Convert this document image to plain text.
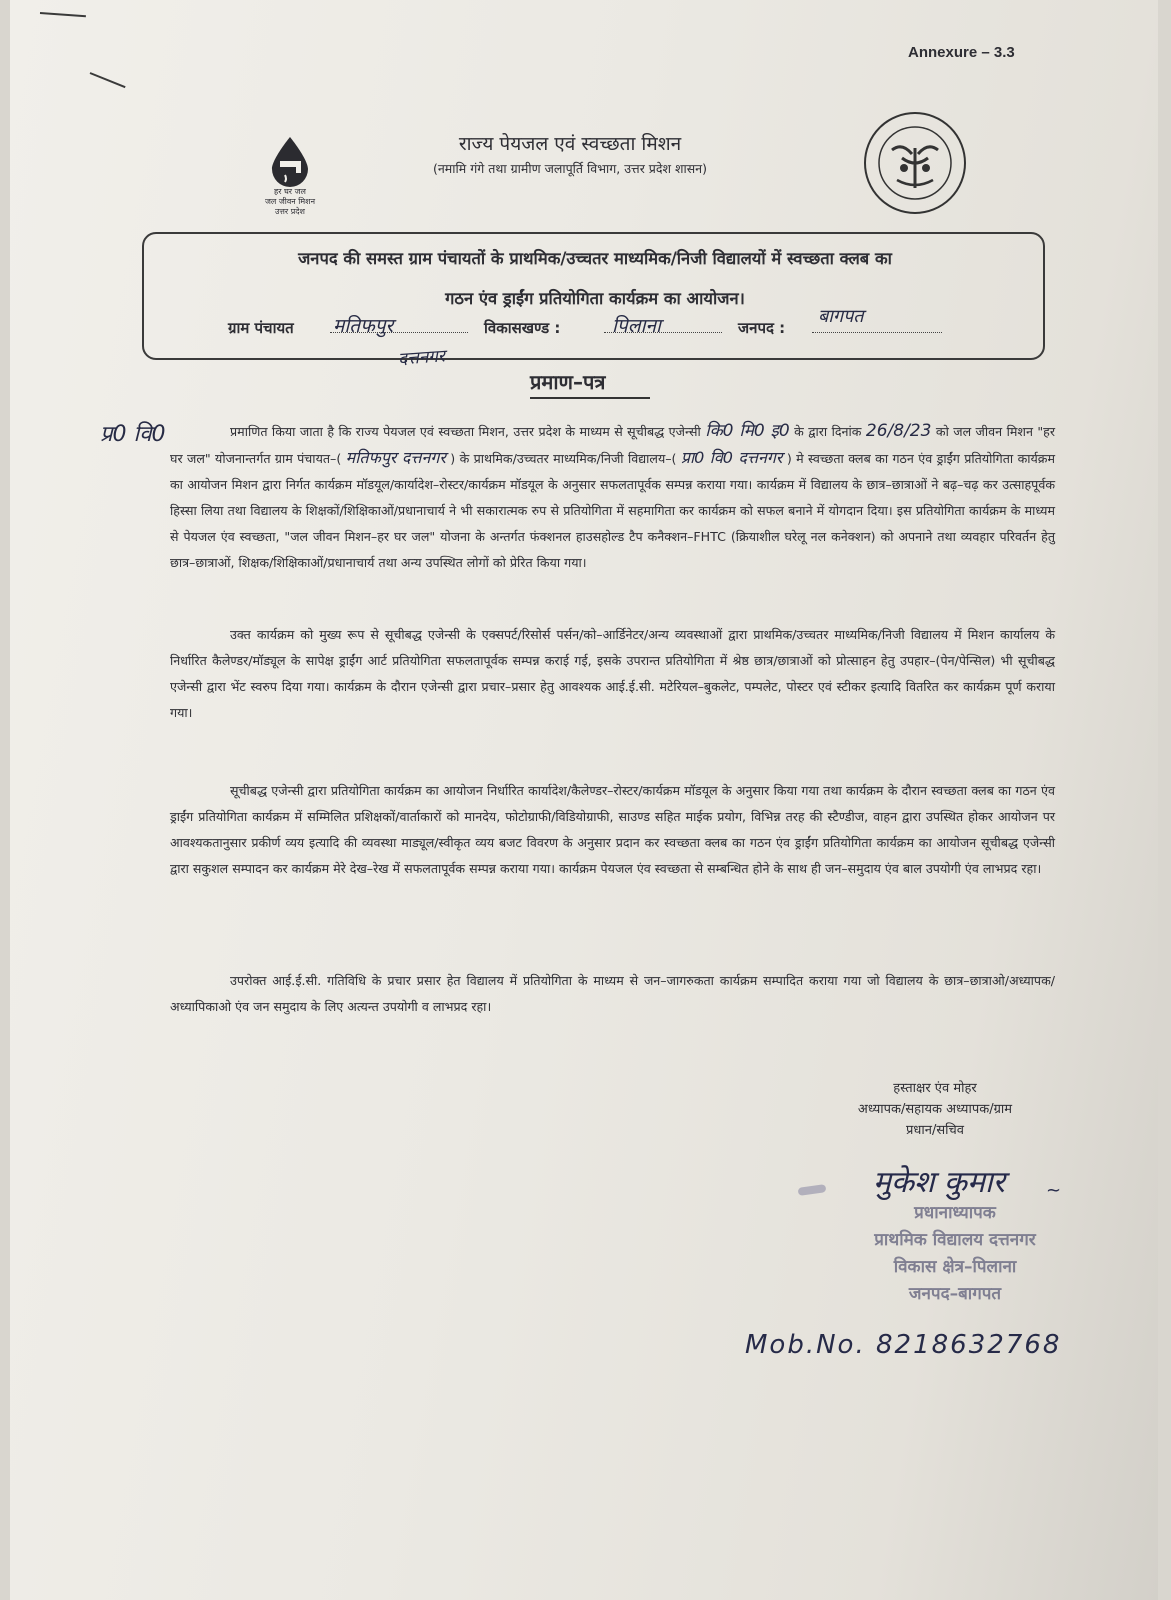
Annexure – 3.3
हर घर जल
जल जीवन मिशन
उत्तर प्रदेश
राज्य पेयजल एवं स्वच्छता मिशन
(नमामि गंगे तथा ग्रामीण जलापूर्ति विभाग, उत्तर प्रदेश शासन)
जनपद की समस्त ग्राम पंचायतों के प्राथमिक/उच्चतर माध्यमिक/निजी विद्यालयों में स्वच्छता क्लब का
गठन एंव ड्राईंग प्रतियोगिता कार्यक्रम का आयोजन।
ग्राम पंचायत मतिफपुर
दत्तनगर
विकासखण्ड :	पिलाना	जनपद :
बागपत
प्रमाण–पत्र
प्र0 वि0	प्रमाणित किया जाता है कि राज्य पेयजल एवं स्वच्छता मिशन, उत्तर प्रदेश के माध्यम से सूचीबद्ध एजेन्सी कि0 मि0 इ0 के द्वारा दिनांक 26/8/23 को जल जीवन मिशन "हर घर जल" योजनान्तर्गत ग्राम पंचायत–( मतिफपुर दत्तनगर ) के प्राथमिक/उच्चतर माध्यमिक/निजी विद्यालय–( प्रा0 वि0 दत्तनगर ) मे स्वच्छता क्लब का गठन एंव ड्राईंग प्रतियोगिता कार्यक्रम का आयोजन मिशन द्वारा निर्गत कार्यक्रम मॉडयूल/कार्यादेश–रोस्टर/कार्यक्रम मॉडयूल के अनुसार सफलतापूर्वक सम्पन्न कराया गया। कार्यक्रम में विद्यालय के छात्र–छात्राओं ने बढ़–चढ़ कर उत्साहपूर्वक हिस्सा लिया तथा विद्यालय के शिक्षकों/शिक्षिकाओं/प्रधानाचार्य ने भी सकारात्मक रुप से प्रतियोगिता में सहमागिता कर कार्यक्रम को सफल बनाने में योगदान दिया। इस प्रतियोगिता कार्यक्रम के माध्यम से पेयजल एंव स्वच्छता, "जल जीवन मिशन–हर घर जल" योजना के अन्तर्गत फंक्शनल हाउसहोल्ड टैप कनैक्शन–FHTC (क्रियाशील घरेलू नल कनेक्शन) को अपनाने तथा व्यवहार परिवर्तन हेतु छात्र–छात्राओं, शिक्षक/शिक्षिकाओं/प्रधानाचार्य तथा अन्य उपस्थित लोगों को प्रेरित किया गया।
उक्त कार्यक्रम को मुख्य रूप से सूचीबद्ध एजेन्सी के एक्सपर्ट/रिसोर्स पर्सन/को–आर्डिनेटर/अन्य व्यवस्थाओं द्वारा प्राथमिक/उच्चतर माध्यमिक/निजी विद्यालय में मिशन कार्यालय के निर्धारित कैलेण्डर/मॉड्यूल के सापेक्ष ड्राईंग आर्ट प्रतियोगिता सफलतापूर्वक सम्पन्न कराई गई, इसके उपरान्त प्रतियोगिता में श्रेष्ठ छात्र/छात्राओं को प्रोत्साहन हेतु उपहार–(पेन/पेन्सिल) भी सूचीबद्ध एजेन्सी द्वारा भेंट स्वरुप दिया गया। कार्यक्रम के दौरान एजेन्सी द्वारा प्रचार–प्रसार हेतु आवश्यक आई.ई.सी. मटेरियल–बुकलेट, पम्पलेट, पोस्टर एवं स्टीकर इत्यादि वितरित कर कार्यक्रम पूर्ण कराया गया।
सूचीबद्ध एजेन्सी द्वारा प्रतियोगिता कार्यक्रम का आयोजन निर्धारित कार्यादेश/कैलेण्डर–रोस्टर/कार्यक्रम मॉडयूल के अनुसार किया गया तथा कार्यक्रम के दौरान स्वच्छता क्लब का गठन एंव ड्राईंग प्रतियोगिता कार्यक्रम में सम्मिलित प्रशिक्षकों/वार्ताकारों को मानदेय, फोटोग्राफी/विडियोग्राफी, साउण्ड सहित माईक प्रयोग, विभिन्न तरह की स्टैण्डीज, वाहन द्वारा उपस्थित होकर आयोजन पर आवश्यकतानुसार प्रकीर्ण व्यय इत्यादि की व्यवस्था माड्यूल/स्वीकृत व्यय बजट विवरण के अनुसार प्रदान कर स्वच्छता क्लब का गठन एंव ड्राईंग प्रतियोगिता कार्यक्रम का आयोजन सूचीबद्ध एजेन्सी द्वारा सकुशल सम्पादन कर कार्यक्रम मेरे देख–रेख में सफलतापूर्वक सम्पन्न कराया गया। कार्यक्रम पेयजल एंव स्वच्छता से सम्बन्धित होने के साथ ही जन–समुदाय एंव बाल उपयोगी एंव लाभप्रद रहा।
उपरोक्त आई.ई.सी. गतिविधि के प्रचार प्रसार हेत विद्यालय में प्रतियोगिता के माध्यम से जन–जागरुकता कार्यक्रम सम्पादित कराया गया जो विद्यालय के छात्र–छात्राओ/अध्यापक/अध्यापिकाओ एंव जन समुदाय के लिए अत्यन्त उपयोगी व लाभप्रद रहा।
हस्ताक्षर एंव मोहर
अध्यापक/सहायक अध्यापक/ग्राम
प्रधान/सचिव
मुकेश कुमार ~
प्रधानाध्यापक
प्राथमिक विद्यालय दत्तनगर
विकास क्षेत्र–पिलाना
जनपद–बागपत
Mob.No. 8218632768
